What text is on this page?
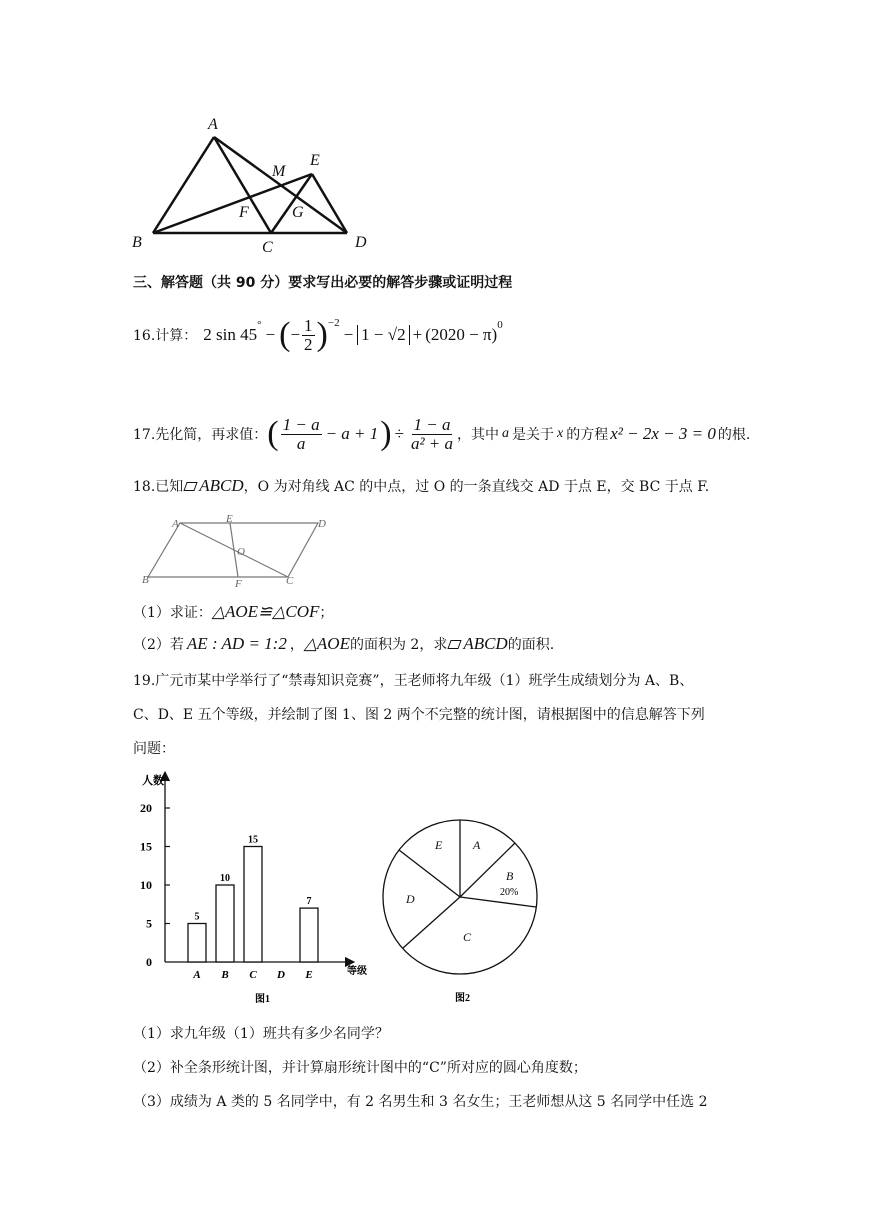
A
M
E
F	G
B	C	D
三、解答题（共 90 分）要求写出必要的解答步骤或证明过程
16.计算： 2 sin 45° − ( − $\frac{1}{2} )^{-2}$
− $1 - √2 + (2020 - \pi)^0$
17.先化简，再求值： ( $\frac{1 - a}{a} - a + 1$ ) ÷ $\frac{1 - a}{\text{a² + a}}$ ，其中 a 是关于 x 的方程 x² − 2x − 3 = 0 的根.
18.已知 ABCD ，O 为对角线 AC 的中点，过 O 的一条直线交 AD 于点 E，交 BC 于点 F.
A	E	D
O
B	F	C
（1）求证： △AOE≌△COF ；
（2）若 AE : AD = 1:2 ， △AOE 的面积为 2，求 ABCD 的面积.
19.广元市某中学举行了“禁毒知识竞赛”，王老师将九年级（1）班学生成绩划分为 A、B、
C、D、E 五个等级，并绘制了图 1、图 2 两个不完整的统计图，请根据图中的信息解答下列
问题：
人数
等级
图1
0
5
10
15
20
A
5
B
10
C
15
D E
7
A
B
C
D
E
20%
图2
（1）求九年级（1）班共有多少名同学？
（2）补全条形统计图，并计算扇形统计图中的“C”所对应的圆心角度数；
（3）成绩为 A 类的 5 名同学中，有 2 名男生和 3 名女生；王老师想从这 5 名同学中任选 2
